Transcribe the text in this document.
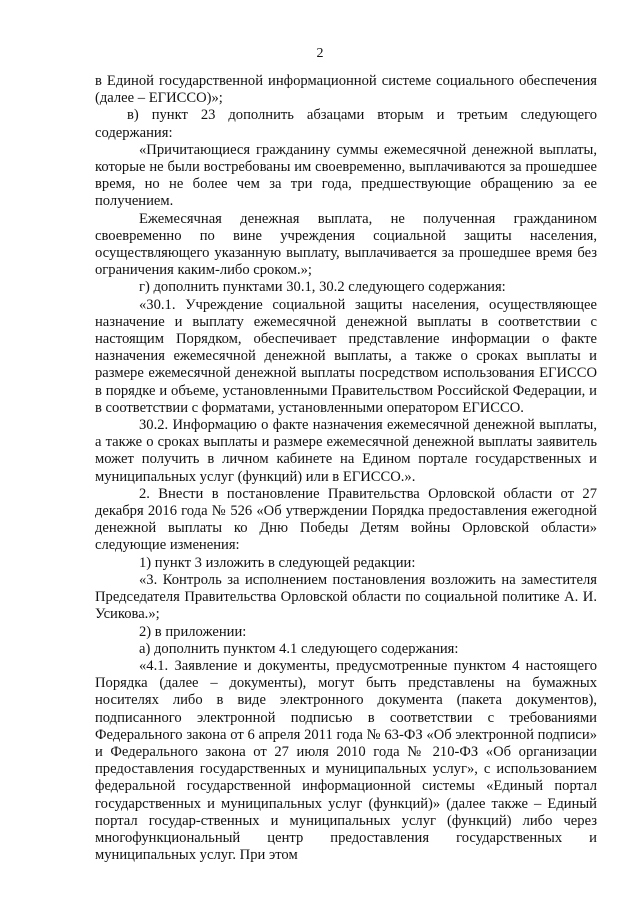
2

в Единой государственной информационной системе социального обеспечения (далее – ЕГИССО)»;

в) пункт 23 дополнить абзацами вторым и третьим следующего содержания:

«Причитающиеся гражданину суммы ежемесячной денежной выплаты, которые не были востребованы им своевременно, выплачиваются за прошедшее время, но не более чем за три года, предшествующие обращению за ее получением.

Ежемесячная денежная выплата, не полученная гражданином своевременно по вине учреждения социальной защиты населения, осуществляющего указанную выплату, выплачивается за прошедшее время без ограничения каким-либо сроком.»;

г) дополнить пунктами 30.1, 30.2 следующего содержания:

«30.1. Учреждение социальной защиты населения, осуществляющее назначение и выплату ежемесячной денежной выплаты в соответствии с настоящим Порядком, обеспечивает представление информации о факте назначения ежемесячной денежной выплаты, а также о сроках выплаты и размере ежемесячной денежной выплаты посредством использования ЕГИССО в порядке и объеме, установленными Правительством Российской Федерации, и в соответствии с форматами, установленными оператором ЕГИССО.

30.2. Информацию о факте назначения ежемесячной денежной выплаты, а также о сроках выплаты и размере ежемесячной денежной выплаты заявитель может получить в личном кабинете на Едином портале государственных и муниципальных услуг (функций) или в ЕГИССО.».

2. Внести в постановление Правительства Орловской области от 27 декабря 2016 года № 526 «Об утверждении Порядка предоставления ежегодной денежной выплаты ко Дню Победы Детям войны Орловской области» следующие изменения:

1) пункт 3 изложить в следующей редакции:

«3. Контроль за исполнением постановления возложить на заместителя Председателя Правительства Орловской области по социальной политике А. И. Усикова.»;

2) в приложении:

а) дополнить пунктом 4.1 следующего содержания:

«4.1. Заявление и документы, предусмотренные пунктом 4 настоящего Порядка (далее – документы), могут быть представлены на бумажных носителях либо в виде электронного документа (пакета документов), подписанного электронной подписью в соответствии с требованиями Федерального закона от 6 апреля 2011 года № 63-ФЗ «Об электронной подписи» и Федерального закона от 27 июля 2010 года № 210-ФЗ «Об организации предоставления государственных и муниципальных услуг», с использованием федеральной государственной информационной системы «Единый портал государственных и муниципальных услуг (функций)» (далее также – Единый портал государ-ственных и муниципальных услуг (функций) либо через многофункциональный центр предоставления государственных и муниципальных услуг. При этом
